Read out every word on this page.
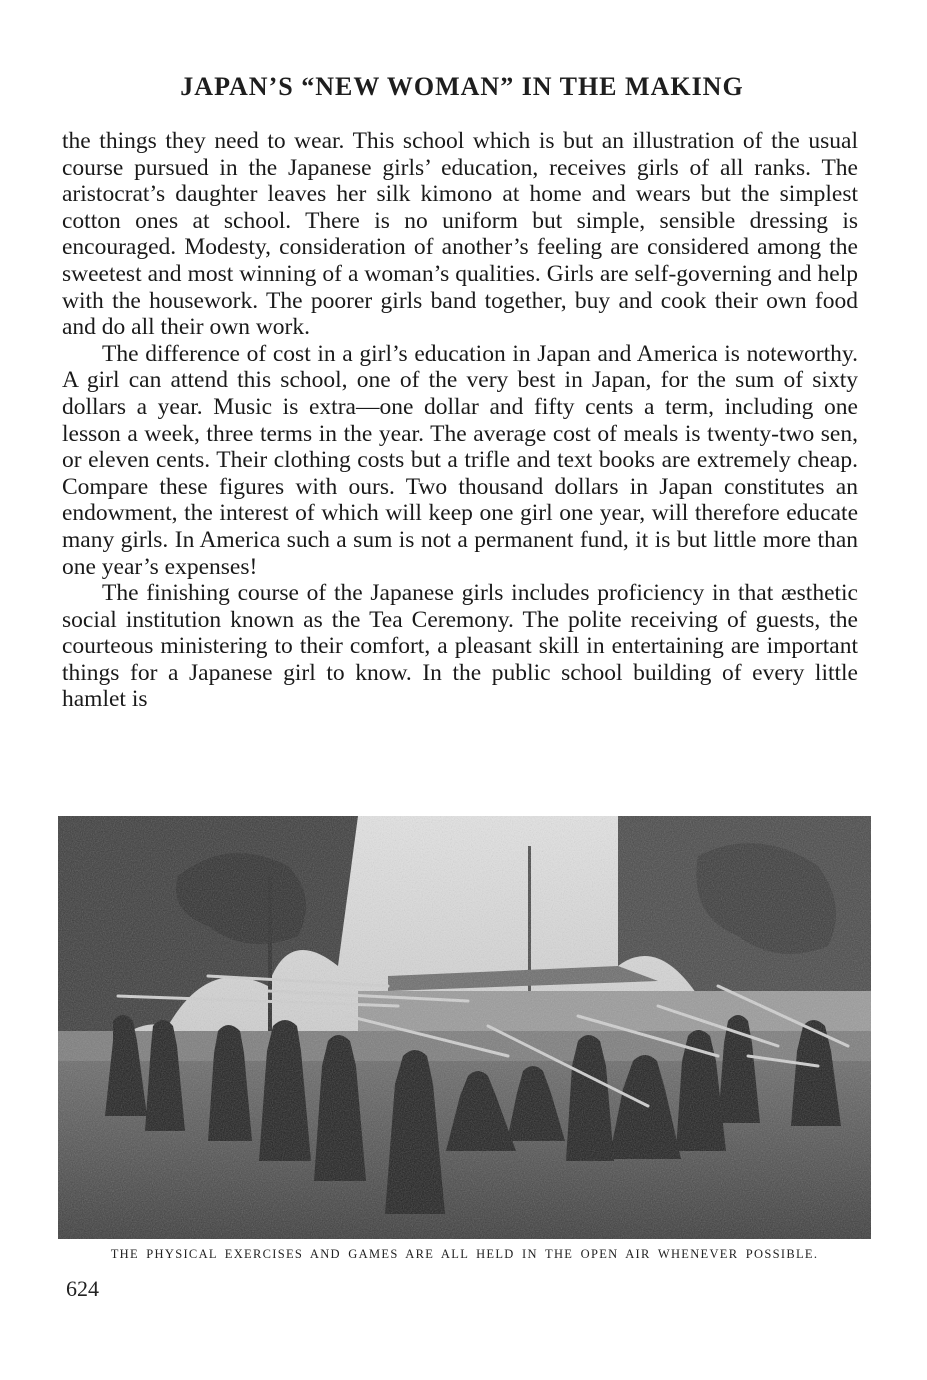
JAPAN’S “NEW WOMAN” IN THE MAKING

the things they need to wear. This school which is but an illustration of the usual course pursued in the Japanese girls’ education, receives girls of all ranks. The aristocrat’s daughter leaves her silk kimono at home and wears but the simplest cotton ones at school. There is no uniform but simple, sensible dressing is encouraged. Modesty, consideration of another’s feeling are considered among the sweetest and most winning of a woman’s qualities. Girls are self-governing and help with the housework. The poorer girls band together, buy and cook their own food and do all their own work.

The difference of cost in a girl’s education in Japan and America is noteworthy. A girl can attend this school, one of the very best in Japan, for the sum of sixty dollars a year. Music is extra—one dollar and fifty cents a term, including one lesson a week, three terms in the year. The average cost of meals is twenty-two sen, or eleven cents. Their clothing costs but a trifle and text books are extremely cheap. Compare these figures with ours. Two thousand dollars in Japan constitutes an endowment, the interest of which will keep one girl one year, will therefore educate many girls. In America such a sum is not a permanent fund, it is but little more than one year’s expenses!

The finishing course of the Japanese girls includes proficiency in that æsthetic social institution known as the Tea Ceremony. The polite receiving of guests, the courteous ministering to their comfort, a pleasant skill in entertaining are important things for a Japanese girl to know. In the public school building of every little hamlet is

THE PHYSICAL EXERCISES AND GAMES ARE ALL HELD IN THE OPEN AIR WHENEVER POSSIBLE.
624
